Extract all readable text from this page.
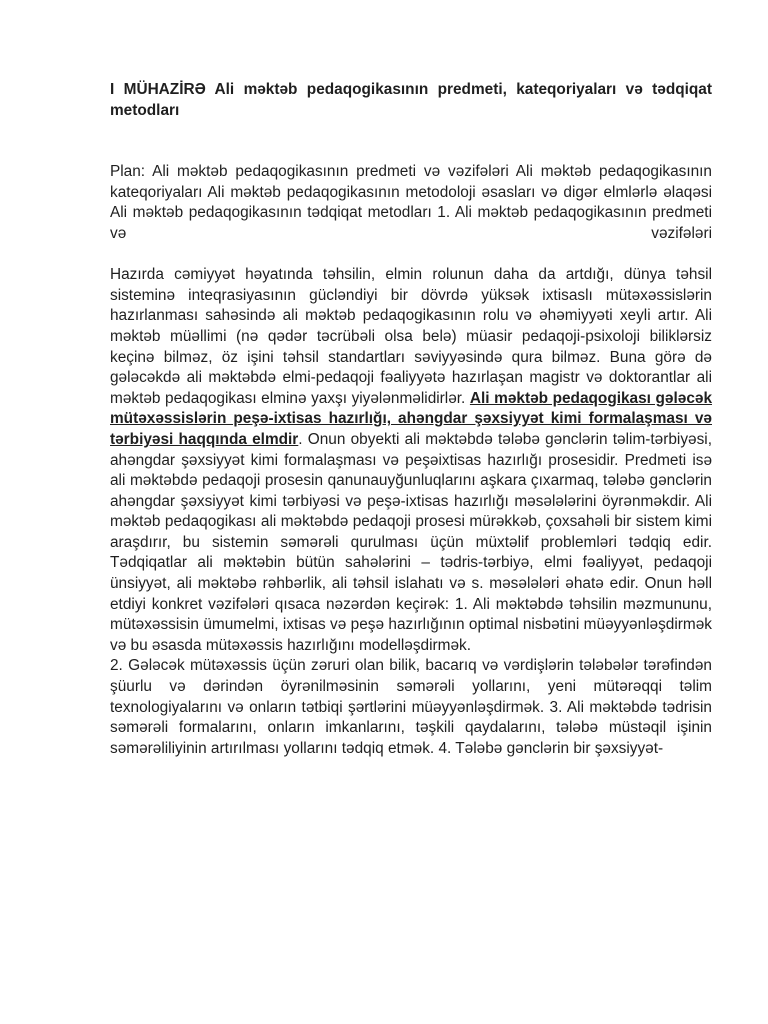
I MÜHAZİRƏ Ali məktəb pedaqogikasının predmeti, kateqoriyaları və tədqiqat metodları

Plan: Ali məktəb pedaqogikasının predmeti və vəzifələri Ali məktəb pedaqogikasının kateqoriyaları Ali məktəb pedaqogikasının metodoloji əsasları və digər elmlərlə əlaqəsi Ali məktəb pedaqogikasının tədqiqat metodları 1. Ali məktəb pedaqogikasının predmeti və vəzifələri

Hazırda cəmiyyət həyatında təhsilin, elmin rolunun daha da artdığı, dünya təhsil sisteminə inteqrasiyasının gücləndiyi bir dövrdə yüksək ixtisaslı mütəxəssislərin hazırlanması sahəsində ali məktəb pedaqogikasının rolu və əhəmiyyəti xeyli artır. Ali məktəb müəllimi (nə qədər təcrübəli olsa belə) müasir pedaqoji-psixoloji biliklərsiz keçinə bilməz, öz işini təhsil standartları səviyyəsində qura bilməz. Buna görə də gələcəkdə ali məktəbdə elmi-pedaqoji fəaliyyətə hazırlaşan magistr və doktorantlar ali məktəb pedaqogikası elminə yaxşı yiyələnməlidirlər. Ali məktəb pedaqogikası gələcək mütəxəssislərin peşə-ixtisas hazırlığı, ahəngdar şəxsiyyət kimi formalaşması və tərbiyəsi haqqında elmdir. Onun obyekti ali məktəbdə tələbə gənclərin təlim-tərbiyəsi, ahəngdar şəxsiyyət kimi formalaşması və peşəixtisas hazırlığı prosesidir. Predmeti isə ali məktəbdə pedaqoji prosesin qanunauyğunluqlarını aşkara çıxarmaq, tələbə gənclərin ahəngdar şəxsiyyət kimi tərbiyəsi və peşə-ixtisas hazırlığı məsələlərini öyrənməkdir. Ali məktəb pedaqogikası ali məktəbdə pedaqoji prosesi mürəkkəb, çoxsahəli bir sistem kimi araşdırır, bu sistemin səmərəli qurulması üçün müxtəlif problemləri tədqiq edir. Tədqiqatlar ali məktəbin bütün sahələrini – tədris-tərbiyə, elmi fəaliyyət, pedaqoji ünsiyyət, ali məktəbə rəhbərlik, ali təhsil islahatı və s. məsələləri əhatə edir. Onun həll etdiyi konkret vəzifələri qısaca nəzərdən keçirək: 1. Ali məktəbdə təhsilin məzmununu, mütəxəssisin ümumelmi, ixtisas və peşə hazırlığının optimal nisbətini müəyyənləşdirmək və bu əsasda mütəxəssis hazırlığını modelləşdirmək.

2. Gələcək mütəxəssis üçün zəruri olan bilik, bacarıq və vərdişlərin tələbələr tərəfindən şüurlu və dərindən öyrənilməsinin səmərəli yollarını, yeni mütərəqqi təlim texnologiyalarını və onların tətbiqi şərtlərini müəyyənləşdirmək. 3. Ali məktəbdə tədrisin səmərəli formalarını, onların imkanlarını, təşkili qaydalarını, tələbə müstəqil işinin səmərəliliyinin artırılması yollarını tədqiq etmək. 4. Tələbə gənclərin bir şəxsiyyət-
